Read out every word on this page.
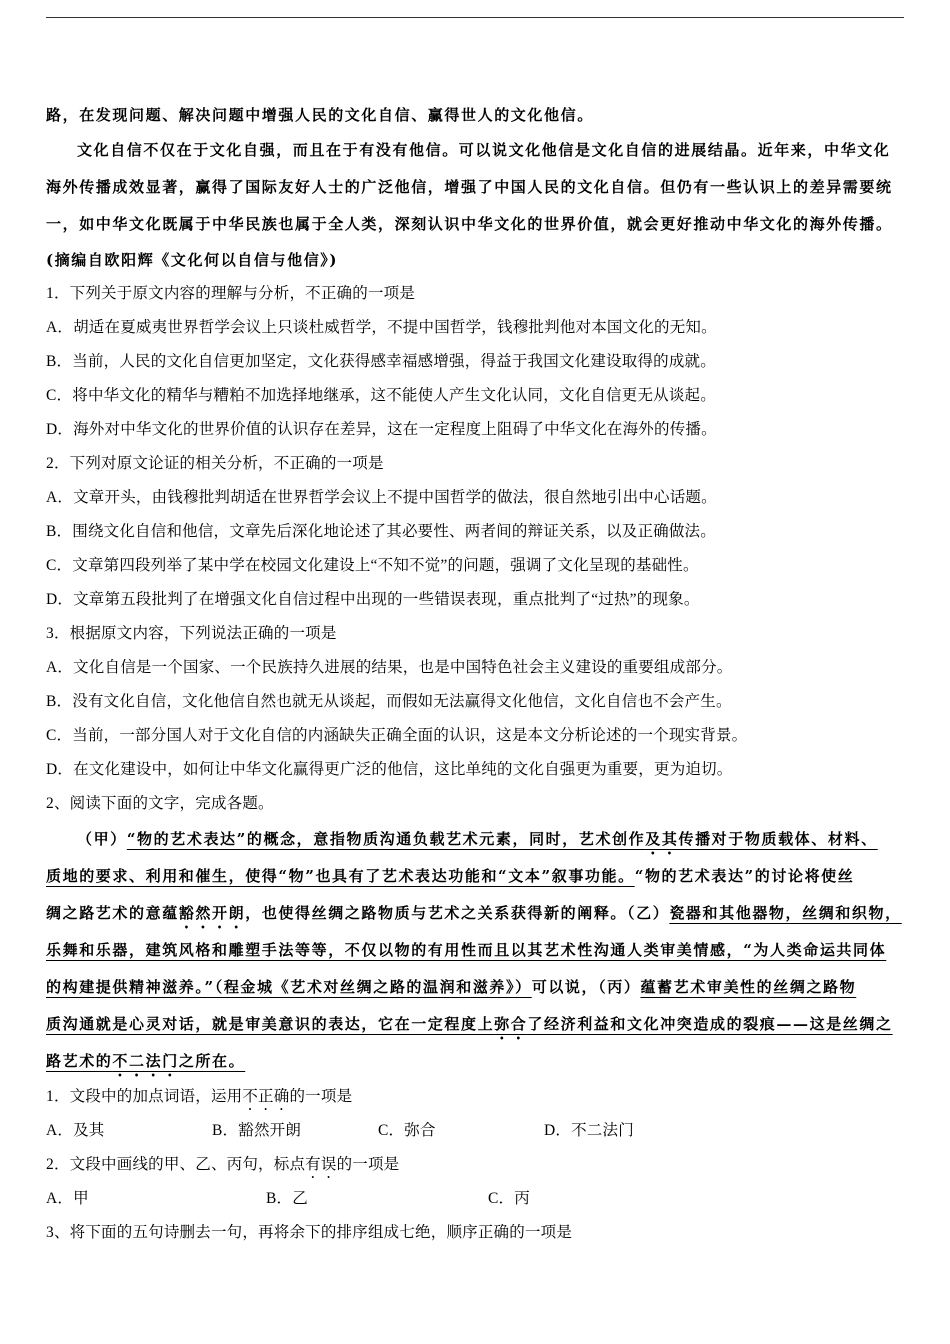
路，在发现问题、解决问题中增强人民的文化自信、赢得世人的文化他信。
文化自信不仅在于文化自强，而且在于有没有他信。可以说文化他信是文化自信的进展结晶。近年来，中华文化
海外传播成效显著，赢得了国际友好人士的广泛他信，增强了中国人民的文化自信。但仍有一些认识上的差异需要统
一，如中华文化既属于中华民族也属于全人类，深刻认识中华文化的世界价值，就会更好推动中华文化的海外传播。
(摘编自欧阳辉《文化何以自信与他信》)
1．下列关于原文内容的理解与分析，不正确的一项是
A．胡适在夏威夷世界哲学会议上只谈杜威哲学，不提中国哲学，钱穆批判他对本国文化的无知。
B．当前，人民的文化自信更加坚定，文化获得感幸福感增强，得益于我国文化建设取得的成就。
C．将中华文化的精华与糟粕不加选择地继承，这不能使人产生文化认同，文化自信更无从谈起。
D．海外对中华文化的世界价值的认识存在差异，这在一定程度上阻碍了中华文化在海外的传播。
2．下列对原文论证的相关分析，不正确的一项是
A．文章开头，由钱穆批判胡适在世界哲学会议上不提中国哲学的做法，很自然地引出中心话题。
B．围绕文化自信和他信，文章先后深化地论述了其必要性、两者间的辩证关系，以及正确做法。
C．文章第四段列举了某中学在校园文化建设上“不知不觉”的问题，强调了文化呈现的基础性。
D．文章第五段批判了在增强文化自信过程中出现的一些错误表现，重点批判了“过热”的现象。
3．根据原文内容，下列说法正确的一项是
A．文化自信是一个国家、一个民族持久进展的结果，也是中国特色社会主义建设的重要组成部分。
B．没有文化自信，文化他信自然也就无从谈起，而假如无法赢得文化他信，文化自信也不会产生。
C．当前，一部分国人对于文化自信的内涵缺失正确全面的认识，这是本文分析论述的一个现实背景。
D．在文化建设中，如何让中华文化赢得更广泛的他信，这比单纯的文化自强更为重要，更为迫切。
2、阅读下面的文字，完成各题。
（甲）“物的艺术表达”的概念，意指物质沟通负载艺术元素，同时，艺术创作及其传播对于物质载体、材料、
质地的要求、利用和催生，使得“物”也具有了艺术表达功能和“文本”叙事功能。“物的艺术表达”的讨论将使丝
绸之路艺术的意蕴豁然开朗，也使得丝绸之路物质与艺术之关系获得新的阐释。（乙）瓷器和其他器物，丝绸和织物，
乐舞和乐器，建筑风格和雕塑手法等等，不仅以物的有用性而且以其艺术性沟通人类审美情感，“为人类命运共同体
的构建提供精神滋养。”（程金城《艺术对丝绸之路的温润和滋养》）可以说，（丙）蕴蓄艺术审美性的丝绸之路物
质沟通就是心灵对话，就是审美意识的表达，它在一定程度上弥合了经济利益和文化冲突造成的裂痕——这是丝绸之
路艺术的不二法门之所在。
1．文段中的加点词语，运用不正确的一项是
A．及其	B．豁然开朗	C．弥合	D．不二法门
2．文段中画线的甲、乙、丙句，标点有误的一项是
A．甲	B．乙	C．丙
3、将下面的五句诗删去一句，再将余下的排序组成七绝，顺序正确的一项是
